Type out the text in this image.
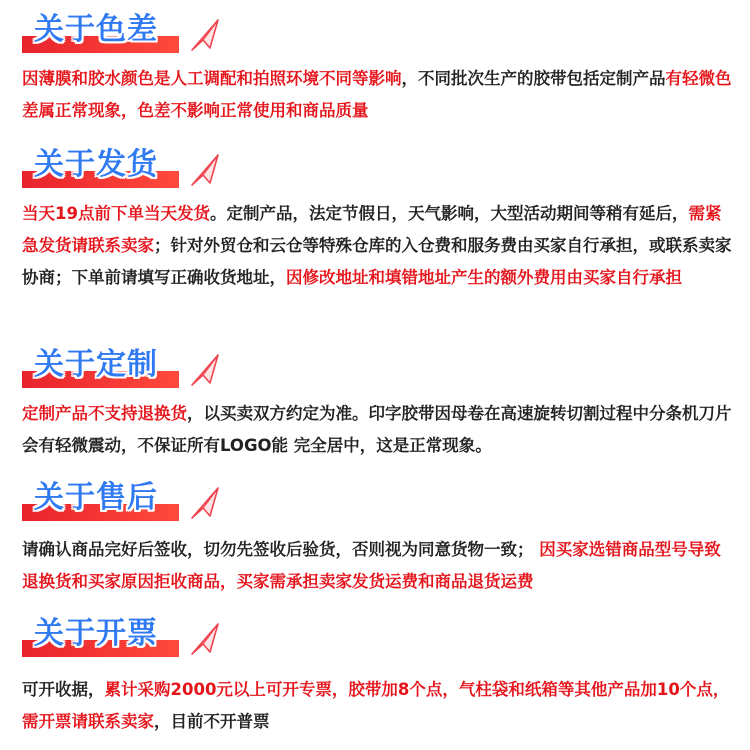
关于色差
因薄膜和胶水颜色是人工调配和拍照环境不同等影响，不同批次生产的胶带包括定制产品有轻微色差属正常现象，色差不影响正常使用和商品质量
关于发货
当天19点前下单当天发货。定制产品，法定节假日，天气影响，大型活动期间等稍有延后，需紧急发货请联系卖家；针对外贸仓和云仓等特殊仓库的入仓费和服务费由买家自行承担，或联系卖家协商；下单前请填写正确收货地址，因修改地址和填错地址产生的额外费用由买家自行承担
关于定制
定制产品不支持退换货，以买卖双方约定为准。印字胶带因母卷在高速旋转切割过程中分条机刀片会有轻微震动，不保证所有LOGO能 完全居中，这是正常现象。
关于售后
请确认商品完好后签收，切勿先签收后验货，否则视为同意货物一致； 因买家选错商品型号导致退换货和买家原因拒收商品，买家需承担卖家发货运费和商品退货运费
关于开票
可开收据，累计采购2000元以上可开专票，胶带加8个点，气柱袋和纸箱等其他产品加10个点，需开票请联系卖家，目前不开普票
